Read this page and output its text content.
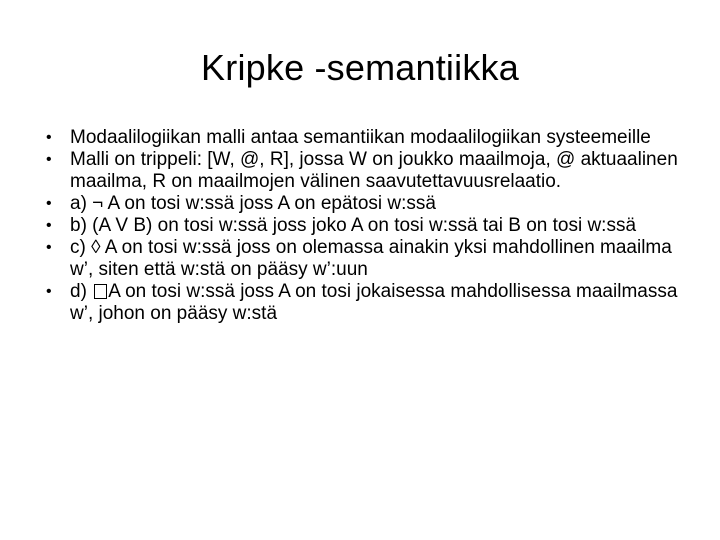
Kripke -semantiikka
• Modaalilogiikan malli antaa semantiikan modaalilogiikan systeemeille
• Malli on trippeli: [W, @, R], jossa W on joukko maailmoja, @ aktuaalinen maailma, R on maailmojen välinen saavutettavuusrelaatio.
• a) ¬ A on tosi w:ssä joss A on epätosi w:ssä
• b) (A V B) on tosi w:ssä joss joko A on tosi w:ssä tai B on tosi w:ssä
• c) ◊ A on tosi w:ssä joss on olemassa ainakin yksi mahdollinen maailma w’, siten että w:stä on pääsy w’:uun
• d) A on tosi w:ssä joss A on tosi jokaisessa mahdollisessa maailmassa w’, johon on pääsy w:stä
